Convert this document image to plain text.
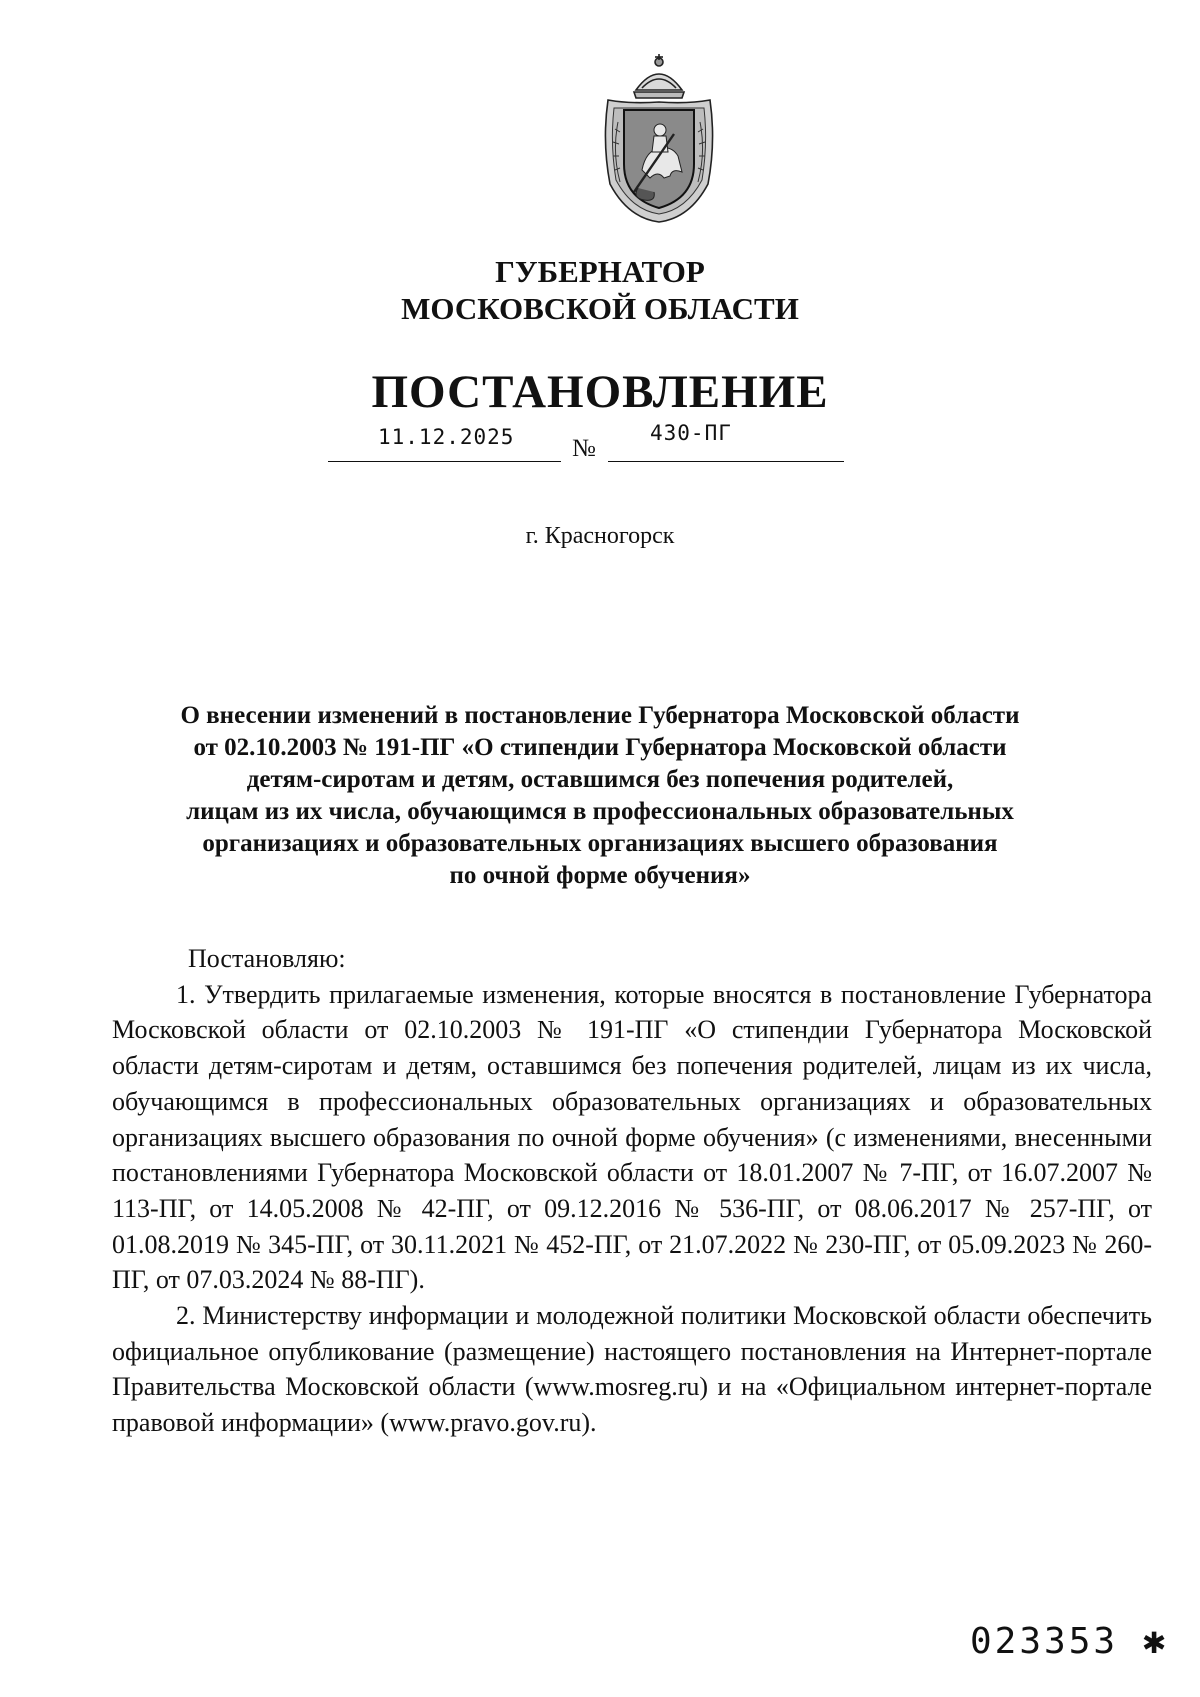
ГУБЕРНАТОР
МОСКОВСКОЙ ОБЛАСТИ
ПОСТАНОВЛЕНИЕ
11.12.2025 №
430-ПГ
г. Красногорск
О внесении изменений в постановление Губернатора Московской области
от 02.10.2003 № 191-ПГ «О стипендии Губернатора Московской области
детям-сиротам и детям, оставшимся без попечения родителей,
лицам из их числа, обучающимся в профессиональных образовательных
организациях и образовательных организациях высшего образования
по очной форме обучения»

Постановляю:

1. Утвердить прилагаемые изменения, которые вносятся в постановление Губернатора Московской области от 02.10.2003 № 191-ПГ «О стипендии Губернатора Московской области детям-сиротам и детям, оставшимся без попечения родителей, лицам из их числа, обучающимся в профессиональных образовательных организациях и образовательных организациях высшего образования по очной форме обучения» (с изменениями, внесенными постановлениями Губернатора Московской области от 18.01.2007 № 7-ПГ, от 16.07.2007 № 113-ПГ, от 14.05.2008 № 42-ПГ, от 09.12.2016 № 536-ПГ, от 08.06.2017 № 257-ПГ, от 01.08.2019 № 345-ПГ, от 30.11.2021 № 452-ПГ, от 21.07.2022 № 230-ПГ, от 05.09.2023 № 260-ПГ, от 07.03.2024 № 88-ПГ).

2. Министерству информации и молодежной политики Московской области обеспечить официальное опубликование (размещение) настоящего постановления на Интернет-портале Правительства Московской области (www.mosreg.ru) и на «Официальном интернет-портале правовой информации» (www.pravo.gov.ru).

023353 ✱
